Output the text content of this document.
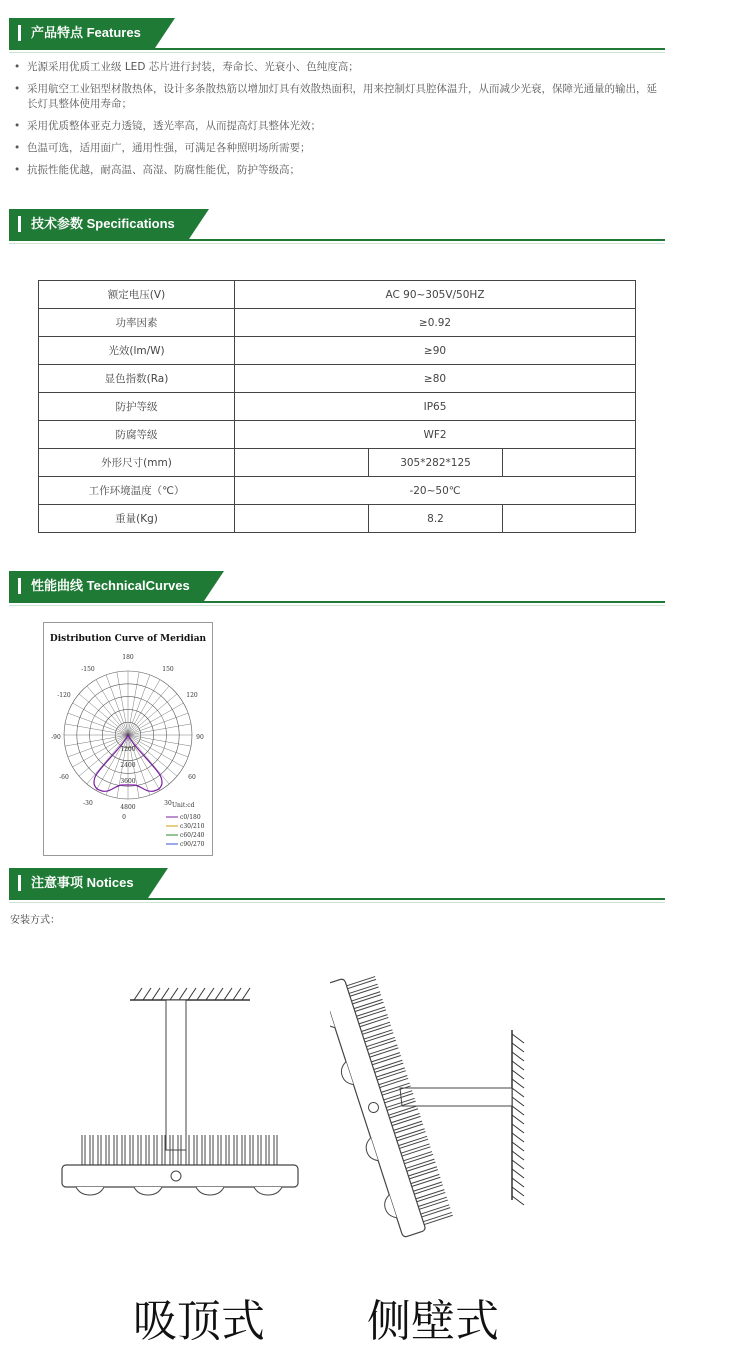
产品特点 Features
• 光源采用优质工业级 LED 芯片进行封装，寿命长、光衰小、色纯度高；
• 采用航空工业铝型材散热体，设计多条散热筋以增加灯具有效散热面积，用来控制灯具腔体温升，从而减少光衰，保障光通量的输出，延长灯具整体使用寿命；
• 采用优质整体亚克力透镜，透光率高，从而提高灯具整体光效；
• 色温可选，适用面广，通用性强，可满足各种照明场所需要；
• 抗振性能优越，耐高温、高湿、防腐性能优，防护等级高；
技术参数 Specifications
额定电压(V)	AC 90~305V/50HZ		
功率因素	≥0.92		
光效(lm/W)	≥90		
显色指数(Ra)	≥80		
防护等级	IP65		
防腐等级	WF2		
外形尺寸(mm)		305*282*125	
工作环境温度（℃）	-20~50℃		
重量(Kg)		8.2	
性能曲线 TechnicalCurves
Distribution Curve of Meridian
180
-150	150
-120	120
-90	90
-60	60
-30	30
0
1200
2400
3600
4800	Unit:cd
c0/180
c30/210
c60/240
c90/270
注意事项 Notices
安装方式：
吸顶式 侧壁式
